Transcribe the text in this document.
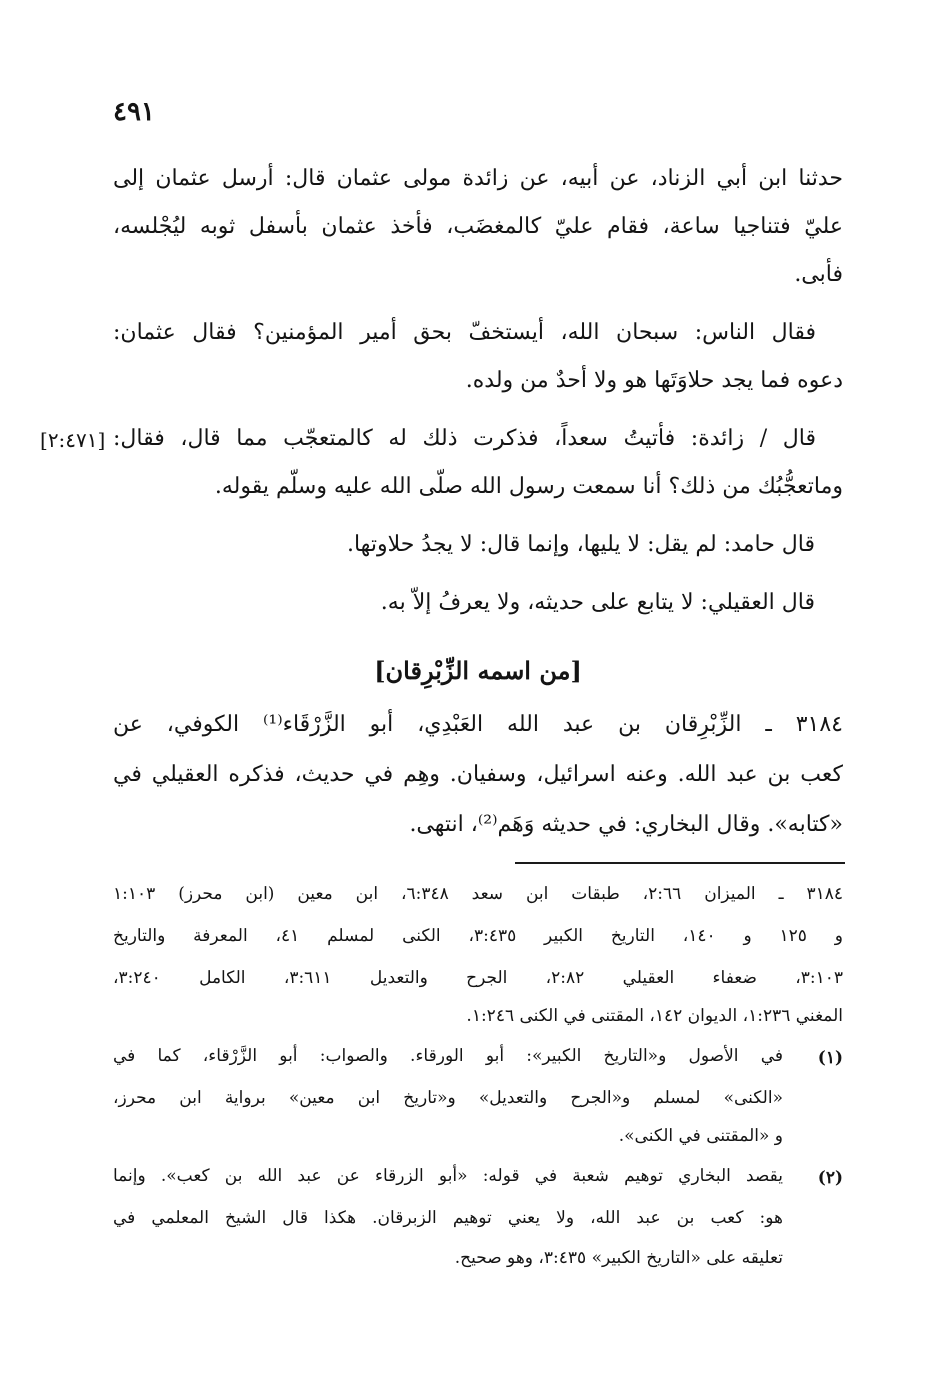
٤٩١
[٢:٤٧١]
حدثنا ابن أبي الزناد، عن أبيه، عن زائدة مولى عثمان قال: أرسل عثمان إلى
عليّ فتناجيا ساعة، فقام عليّ كالمغضَب، فأخذ عثمان بأسفل ثوبه ليُجْلسه،
فأبى.
فقال الناس: سبحان الله، أيستخفّ بحق أمير المؤمنين؟ فقال عثمان:
دعوه فما يجد حلاوَتَها هو ولا أحدٌ من ولده.
قال / زائدة: فأتيتُ سعداً، فذكرت ذلك له كالمتعجّب مما قال، فقال:
وماتعجُّبُك من ذلك؟ أنا سمعت رسول الله صلّى الله عليه وسلّم يقوله.
قال حامد: لم يقل: لا يليها، وإنما قال: لا يجدُ حلاوتها.
قال العقيلي: لا يتابع على حديثه، ولا يعرفُ إلاّ به.
[من اسمه الزِّبْرِقان]
٣١٨٤ ـ الزِّبْرِقان بن عبد الله العَبْدِي، أبو الزَّرْقَاء⁽¹⁾ الكوفي، عن
كعب بن عبد الله. وعنه اسرائيل، وسفيان. وهِم في حديث، فذكره العقيلي في
«كتابه». وقال البخاري: في حديثه وَهَم⁽²⁾، انتهى.
٣١٨٤ ـ الميزان ٢:٦٦، طبقات ابن سعد ٦:٣٤٨، ابن معين (ابن محرز) ١:١٠٣
و ١٢٥ و ١٤٠، التاريخ الكبير ٣:٤٣٥، الكنى لمسلم ٤١، المعرفة والتاريخ
٣:١٠٣، ضعفاء العقيلي ٢:٨٢، الجرح والتعديل ٣:٦١١، الكامل ٣:٢٤٠،
المغني ١:٢٣٦، الديوان ١٤٢، المقتنى في الكنى ١:٢٤٦.
(١)
في الأصول و«التاريخ الكبير»: أبو الورقاء. والصواب: أبو الزَّرْقاء، كما في
«الكنى» لمسلم و«الجرح والتعديل» و«تاريخ ابن معين» برواية ابن محرز،
و «المقتنى في الكنى».
(٢)
يقصد البخاري توهيم شعبة في قوله: «أبو الزرقاء عن عبد الله بن كعب». وإنما
هو: كعب بن عبد الله، ولا يعني توهيم الزبرقان. هكذا قال الشيخ المعلمي في
تعليقه على «التاريخ الكبير» ٣:٤٣٥، وهو صحيح.
